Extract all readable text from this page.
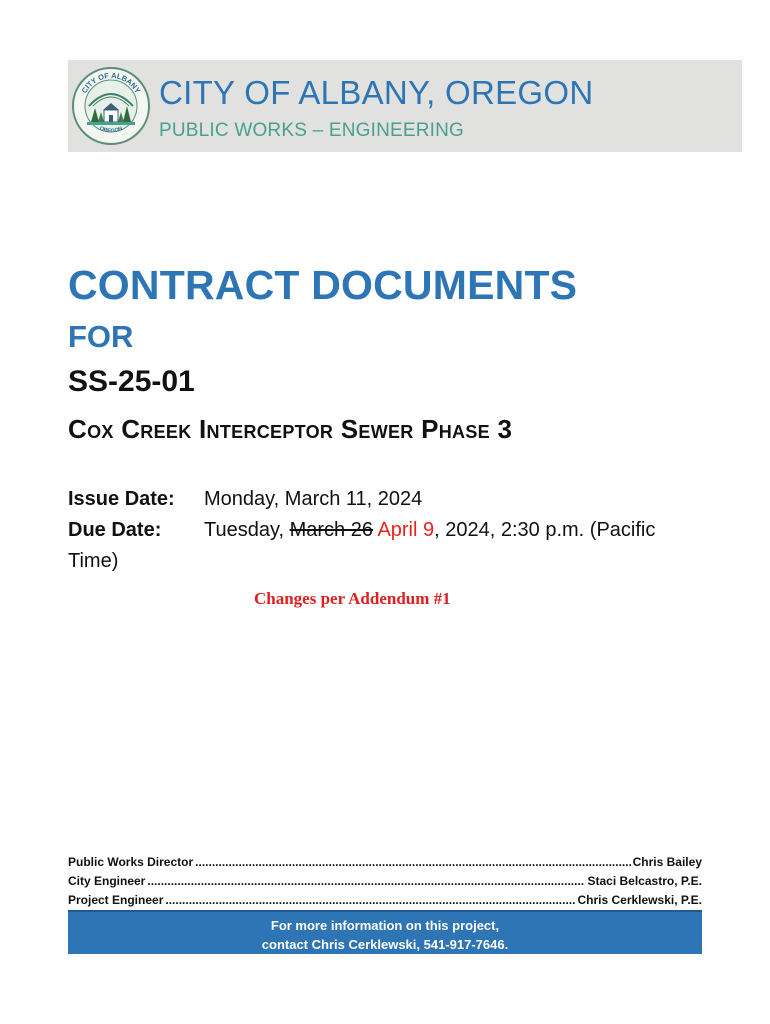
CITY OF ALBANY
OREGON
CITY OF ALBANY, OREGON
PUBLIC WORKS – ENGINEERING
CONTRACT DOCUMENTS
FOR
SS-25-01
Cox Creek Interceptor Sewer Phase 3
Issue Date: Monday, March 11, 2024
Due Date: Tuesday, March 26 April 9, 2024, 2:30 p.m. (Pacific
Time)
Changes per Addendum #1
Public Works Director .....	Chris Bailey
City Engineer .....	Staci Belcastro, P.E.
Project Engineer .....	Chris Cerklewski, P.E.
For more information on this project,
contact Chris Cerklewski, 541-917-7646.
